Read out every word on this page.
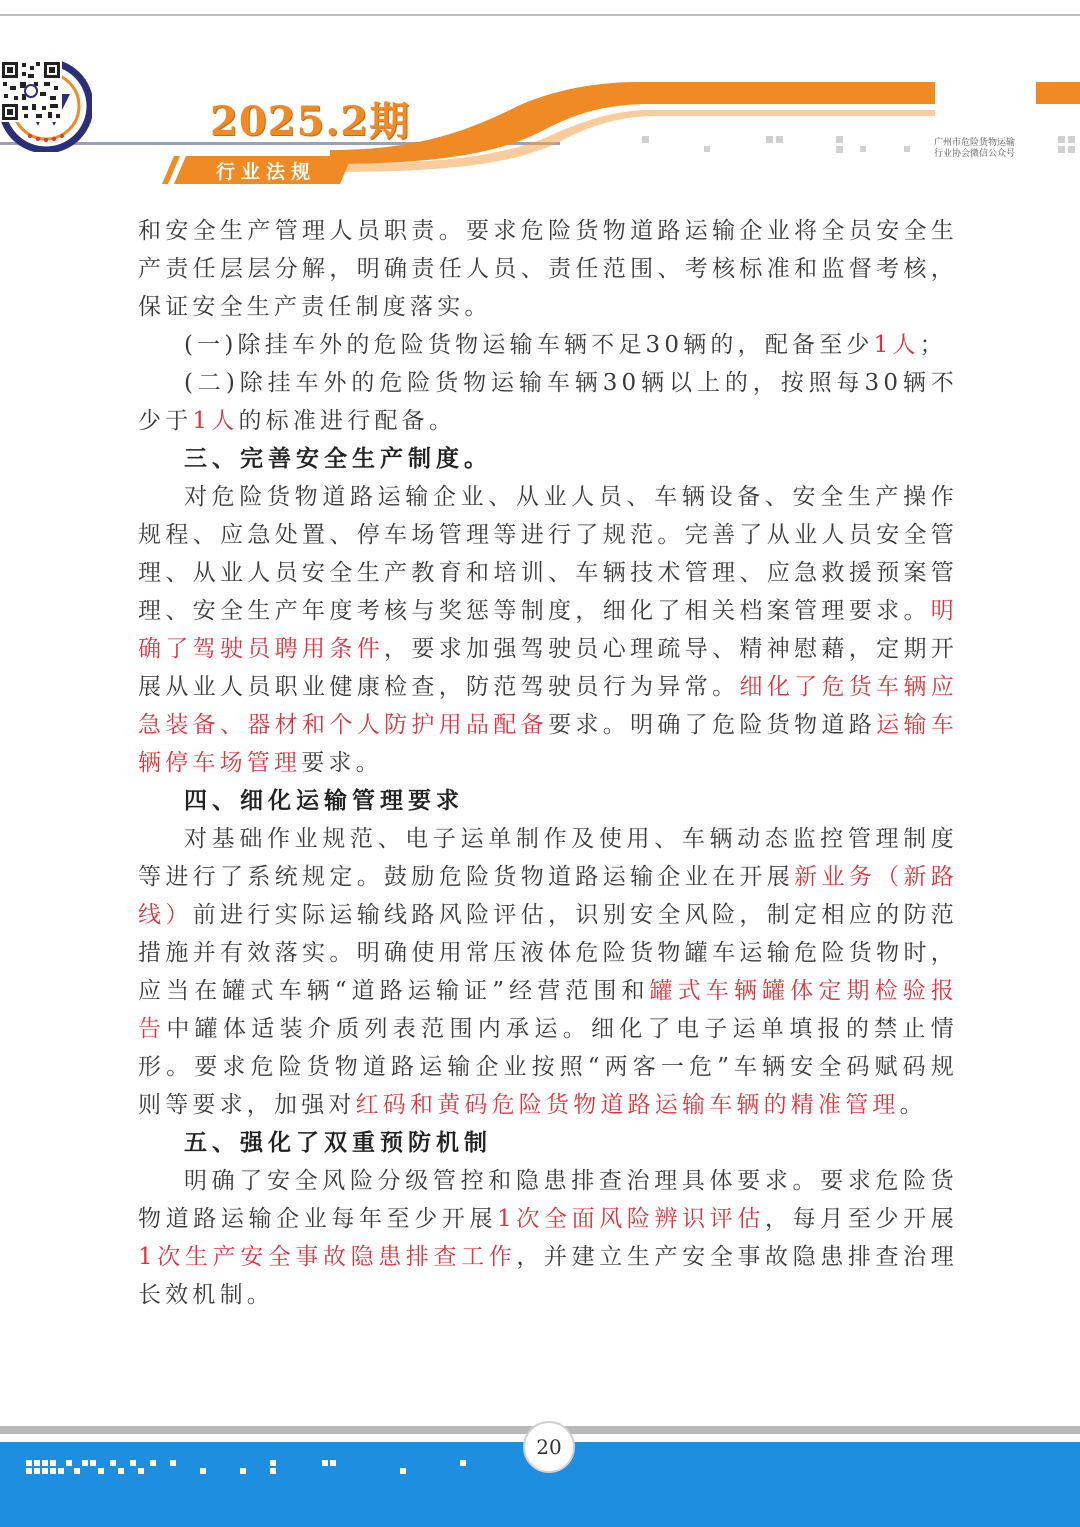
2025.2期
行业法规
广州市危险货物运输
行业协会微信公众号

和安全生产管理人员职责。要求危险货物道路运输企业将全员安全生产责任层层分解，明确责任人员、责任范围、考核标准和监督考核，保证安全生产责任制度落实。

(一)除挂车外的危险货物运输车辆不足30辆的，配备至少1人；

(二)除挂车外的危险货物运输车辆30辆以上的，按照每30辆不少于1人的标准进行配备。

三、完善安全生产制度。

对危险货物道路运输企业、从业人员、车辆设备、安全生产操作规程、应急处置、停车场管理等进行了规范。完善了从业人员安全管理、从业人员安全生产教育和培训、车辆技术管理、应急救援预案管理、安全生产年度考核与奖惩等制度，细化了相关档案管理要求。明确了驾驶员聘用条件，要求加强驾驶员心理疏导、精神慰藉，定期开展从业人员职业健康检查，防范驾驶员行为异常。细化了危货车辆应急装备、器材和个人防护用品配备要求。明确了危险货物道路运输车辆停车场管理要求。

四、细化运输管理要求

对基础作业规范、电子运单制作及使用、车辆动态监控管理制度等进行了系统规定。鼓励危险货物道路运输企业在开展新业务（新路线）前进行实际运输线路风险评估，识别安全风险，制定相应的防范措施并有效落实。明确使用常压液体危险货物罐车运输危险货物时，应当在罐式车辆“道路运输证”经营范围和罐式车辆罐体定期检验报告中罐体适装介质列表范围内承运。细化了电子运单填报的禁止情形。要求危险货物道路运输企业按照“两客一危”车辆安全码赋码规则等要求，加强对红码和黄码危险货物道路运输车辆的精准管理。

五、强化了双重预防机制

明确了安全风险分级管控和隐患排查治理具体要求。要求危险货物道路运输企业每年至少开展1次全面风险辨识评估，每月至少开展1次生产安全事故隐患排查工作，并建立生产安全事故隐患排查治理长效机制。

20
